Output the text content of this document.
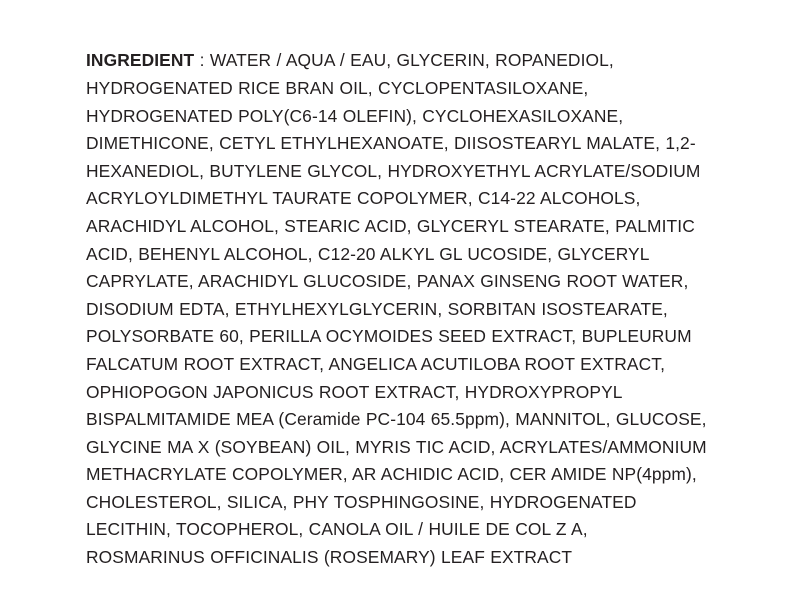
INGREDIENT : WATER / AQUA / EAU, GLYCERIN, ROPANEDIOL, HYDROGENATED RICE BRAN OIL, CYCLOPENTASILOXANE, HYDROGENATED POLY(C6-14 OLEFIN), CYCLOHEXASILOXANE, DIMETHICONE, CETYL ETHYLHEXANOATE, DIISOSTEARYL MALATE, 1,2-HEXANEDIOL, BUTYLENE GLYCOL, HYDROXYETHYL ACRYLATE/SODIUM ACRYLOYLDIMETHYL TAURATE COPOLYMER, C14-22 ALCOHOLS, ARACHIDYL ALCOHOL, STEARIC ACID, GLYCERYL STEARATE, PALMITIC ACID, BEHENYL ALCOHOL, C12-20 ALKYL GL UCOSIDE, GLYCERYL CAPRYLATE, ARACHIDYL GLUCOSIDE, PANAX GINSENG ROOT WATER, DISODIUM EDTA, ETHYLHEXYLGLYCERIN, SORBITAN ISOSTEARATE, POLYSORBATE 60, PERILLA OCYMOIDES SEED EXTRACT, BUPLEURUM FALCATUM ROOT EXTRACT, ANGELICA ACUTILOBA ROOT EXTRACT, OPHIOPOGON JAPONICUS ROOT EXTRACT, HYDROXYPROPYL BISPALMITAMIDE MEA (Ceramide PC-104 65.5ppm), MANNITOL, GLUCOSE, GLYCINE MA X (SOYBEAN) OIL, MYRIS TIC ACID, ACRYLATES/AMMONIUM METHACRYLATE COPOLYMER, AR ACHIDIC ACID, CER AMIDE NP(4ppm), CHOLESTEROL, SILICA, PHY TOSPHINGOSINE, HYDROGENATED LECITHIN, TOCOPHEROL, CANOLA OIL / HUILE DE COL Z A, ROSMARINUS OFFICINALIS (ROSEMARY) LEAF EXTRACT
